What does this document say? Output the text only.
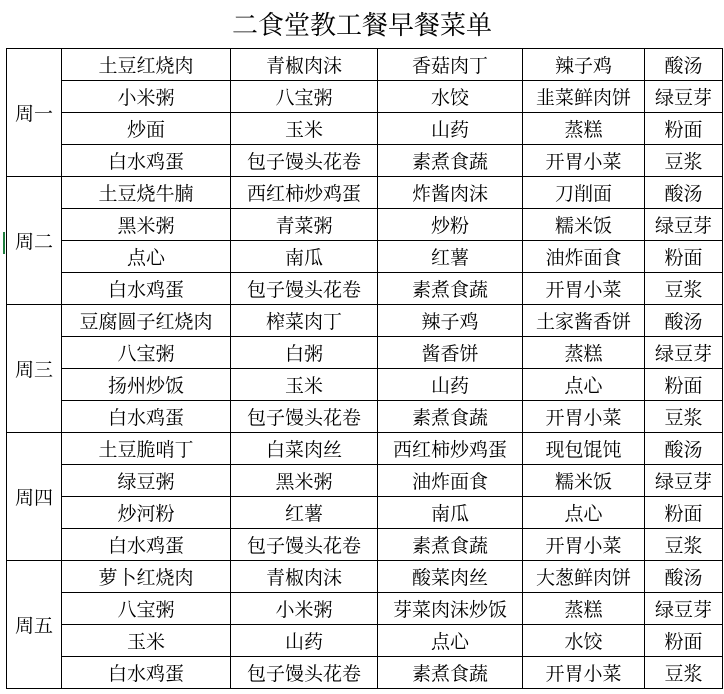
二食堂教工餐早餐菜单
周一	土豆红烧肉	青椒肉沫	香菇肉丁	辣子鸡	酸汤
	小米粥	八宝粥	水饺	韭菜鲜肉饼	绿豆芽
	炒面	玉米	山药	蒸糕	粉面
	白水鸡蛋	包子馒头花卷	素煮食蔬	开胃小菜	豆浆
周二	土豆烧牛腩	西红柿炒鸡蛋	炸酱肉沫	刀削面	酸汤
	黑米粥	青菜粥	炒粉	糯米饭	绿豆芽
	点心	南瓜	红薯	油炸面食	粉面
	白水鸡蛋	包子馒头花卷	素煮食蔬	开胃小菜	豆浆
周三	豆腐圆子红烧肉	榨菜肉丁	辣子鸡	土家酱香饼	酸汤
	八宝粥	白粥	酱香饼	蒸糕	绿豆芽
	扬州炒饭	玉米	山药	点心	粉面
	白水鸡蛋	包子馒头花卷	素煮食蔬	开胃小菜	豆浆
周四	土豆脆哨丁	白菜肉丝	西红柿炒鸡蛋	现包馄饨	酸汤
	绿豆粥	黑米粥	油炸面食	糯米饭	绿豆芽
	炒河粉	红薯	南瓜	点心	粉面
	白水鸡蛋	包子馒头花卷	素煮食蔬	开胃小菜	豆浆
周五	萝卜红烧肉	青椒肉沫	酸菜肉丝	大葱鲜肉饼	酸汤
	八宝粥	小米粥	芽菜肉沫炒饭	蒸糕	绿豆芽
	玉米	山药	点心	水饺	粉面
	白水鸡蛋	包子馒头花卷	素煮食蔬	开胃小菜	豆浆
